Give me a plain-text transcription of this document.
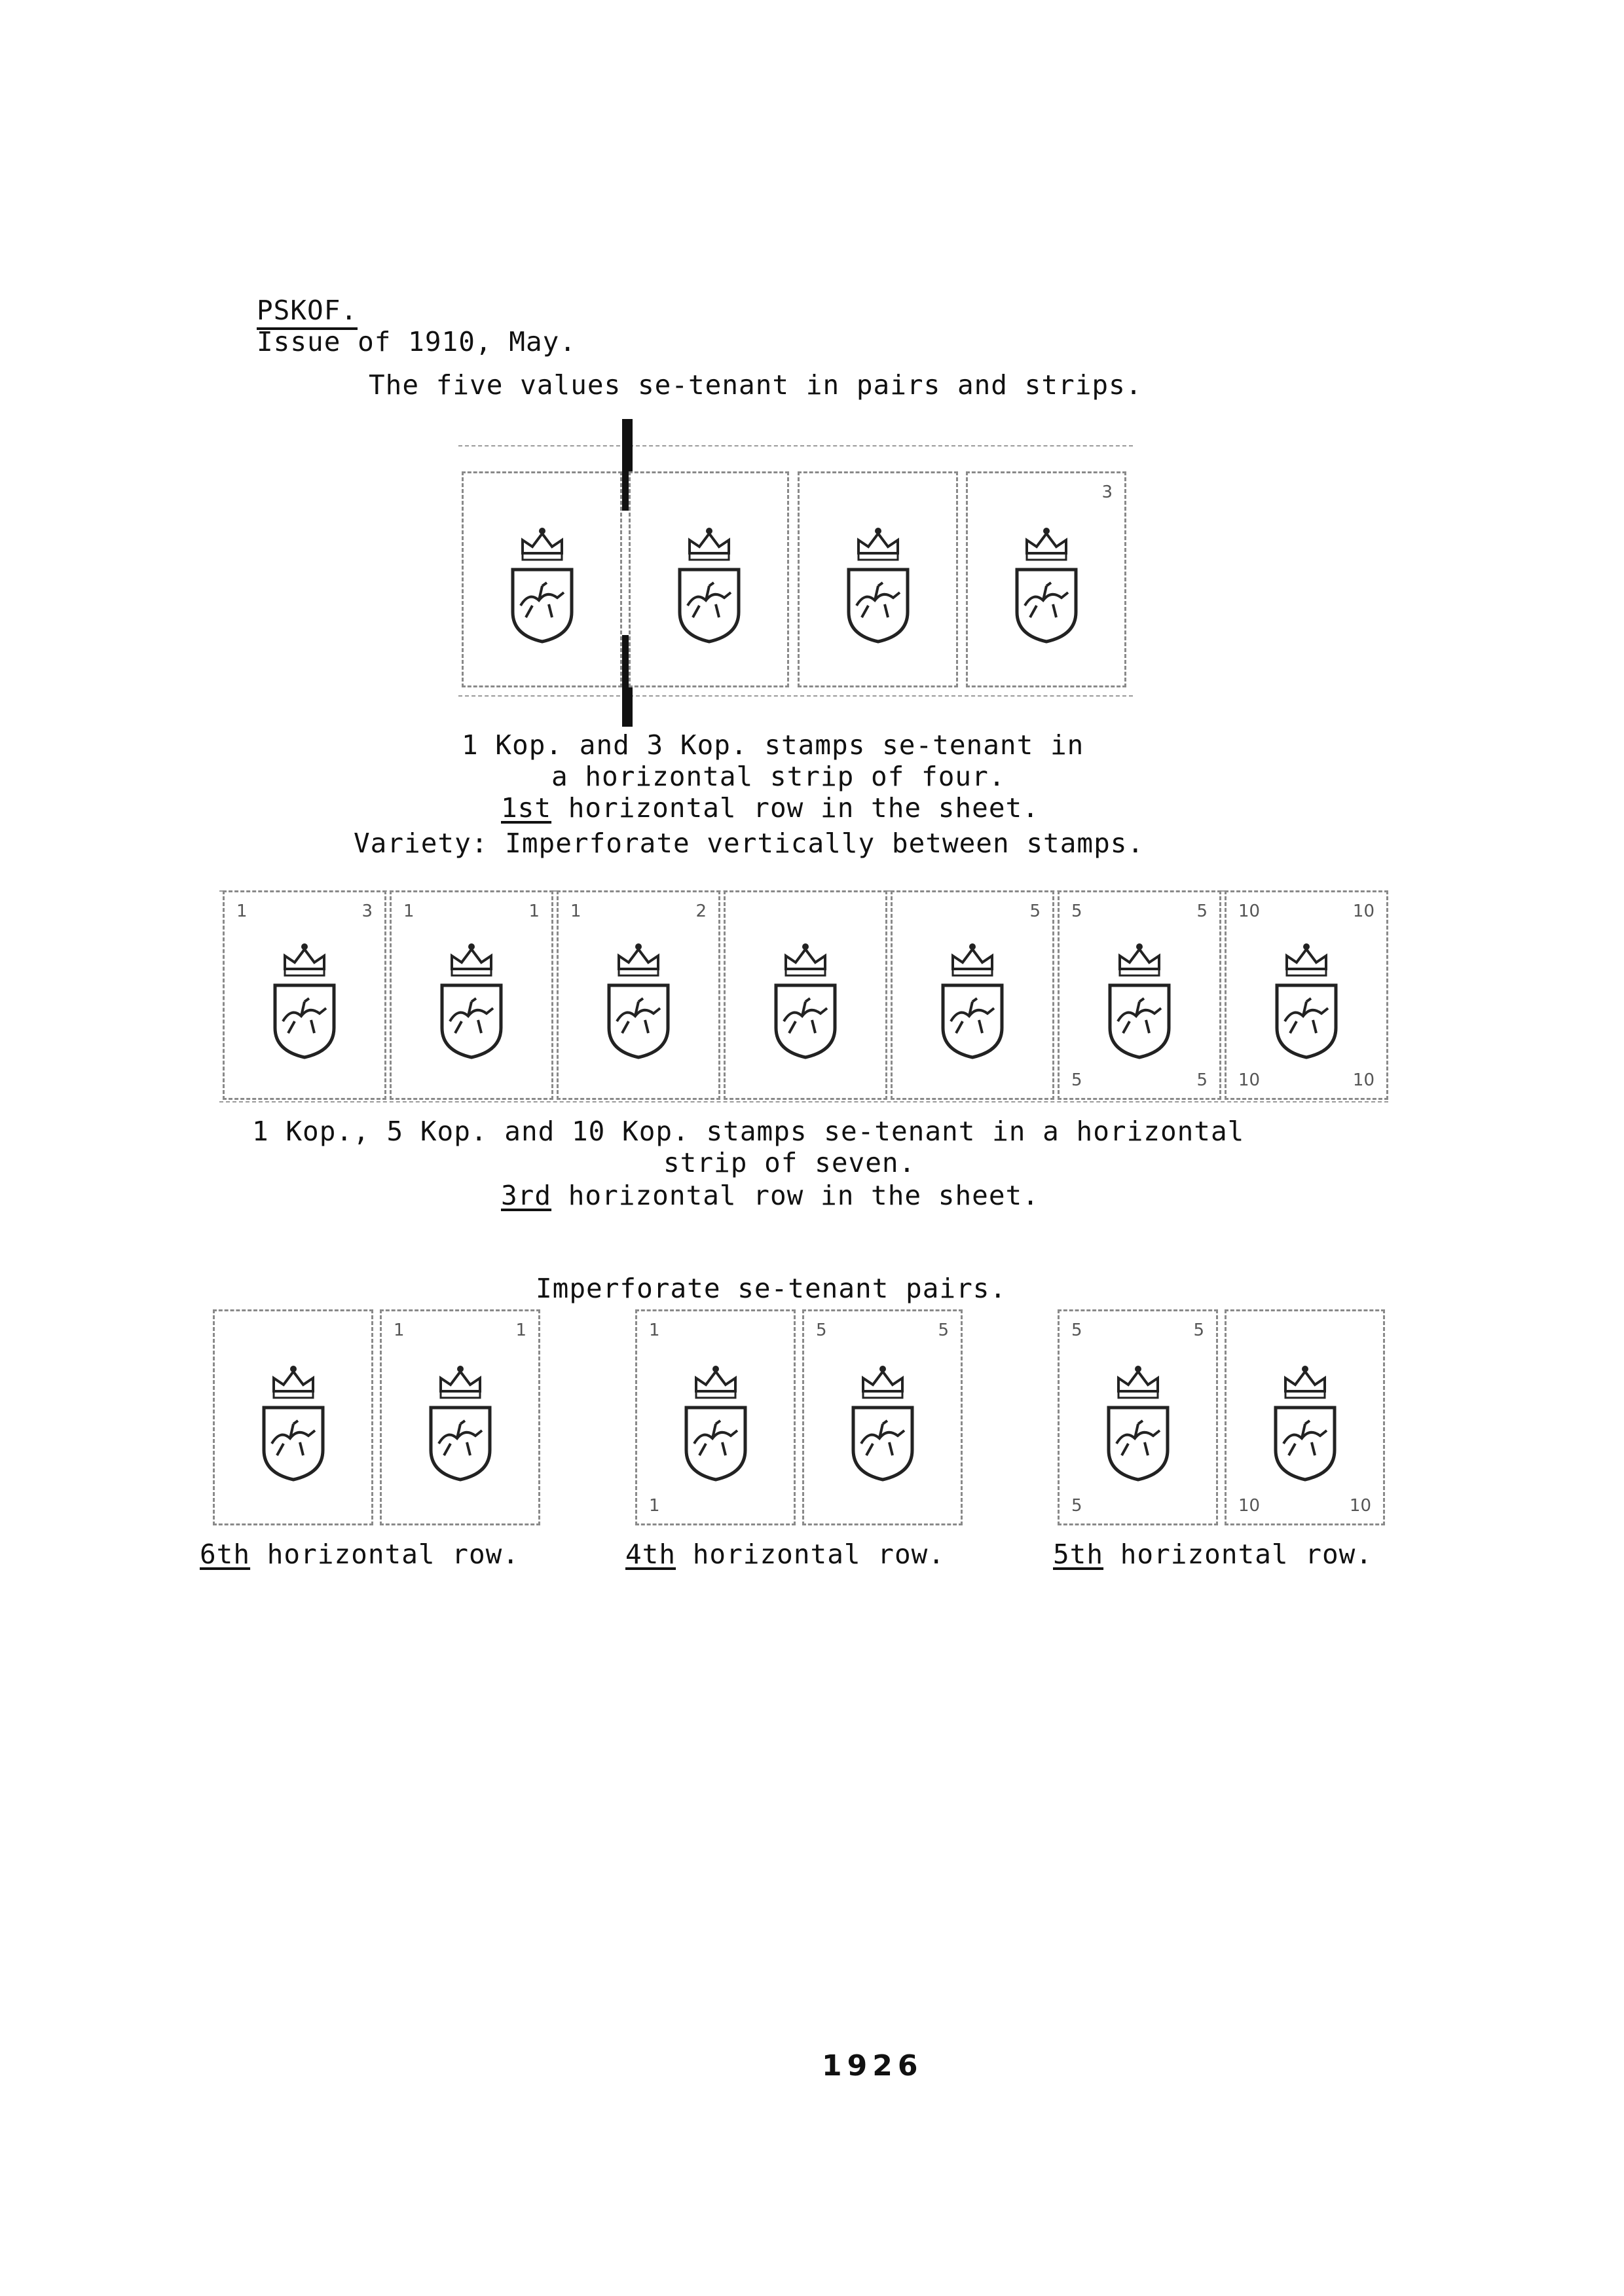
PSKOF.
Issue of 1910, May.
The five values se-tenant in pairs and strips.
3
1 Kop. and 3 Kop. stamps se-tenant in
a horizontal strip of four.
1st horizontal row in the sheet.
Variety: Imperforate vertically between stamps.
1	3 1	1 1	2	5 5	5
5	5
10	10
10	10
1 Kop., 5 Kop. and 10 Kop. stamps se-tenant in a horizontal
strip of seven.
3rd horizontal row in the sheet.
Imperforate se-tenant pairs.
1	1	1
1
5	5	5	5
5	10	10
6th horizontal row.	4th horizontal row.	5th horizontal row.
1926
